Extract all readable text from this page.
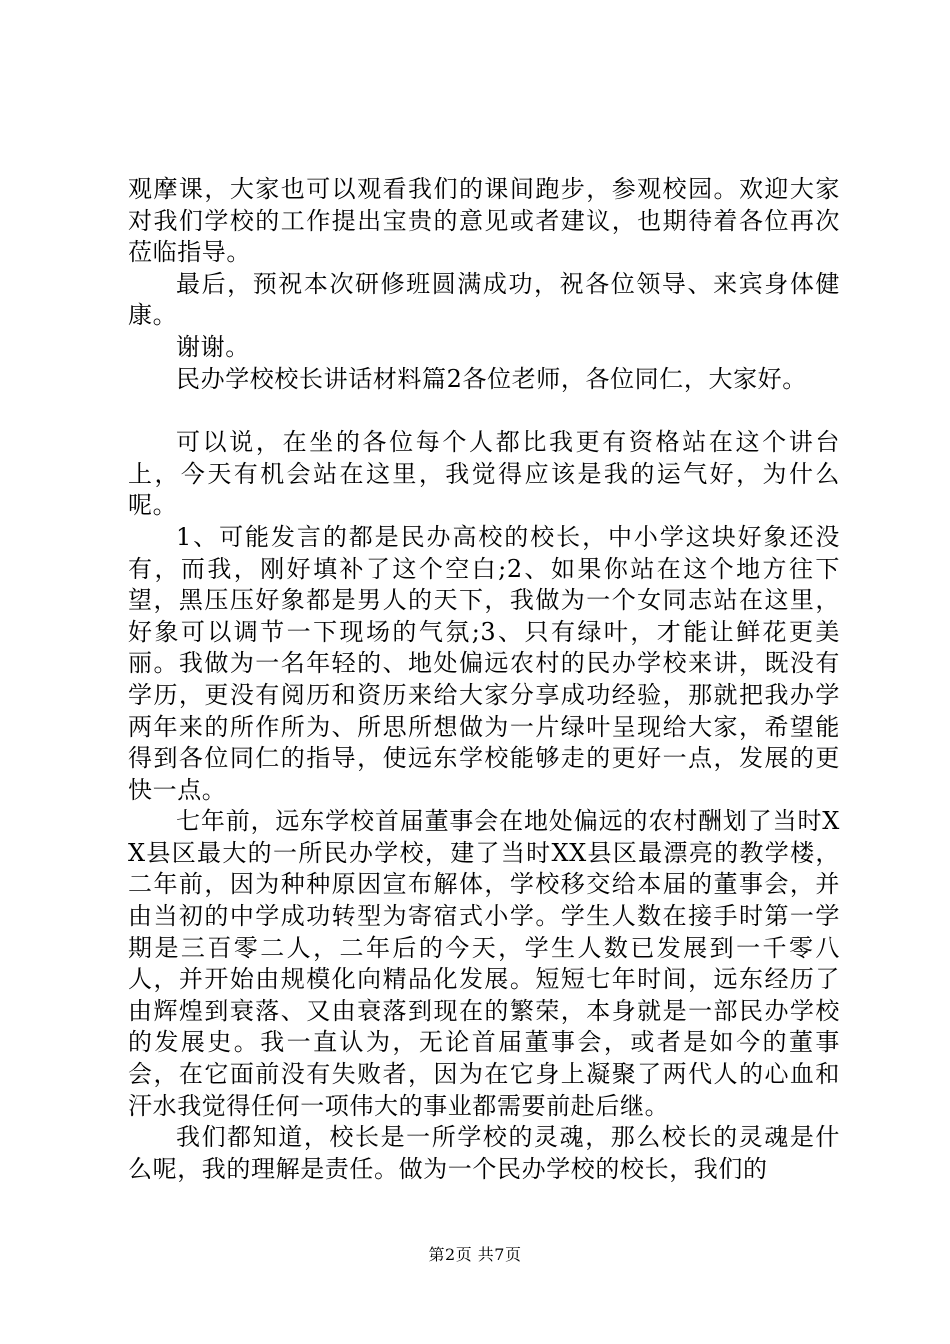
观摩课，大家也可以观看我们的课间跑步，参观校园。欢迎大家对我们学校的工作提出宝贵的意见或者建议，也期待着各位再次莅临指导。

最后，预祝本次研修班圆满成功，祝各位领导、来宾身体健康。

谢谢。

民办学校校长讲话材料篇2各位老师，各位同仁，大家好。

可以说，在坐的各位每个人都比我更有资格站在这个讲台上，今天有机会站在这里，我觉得应该是我的运气好，为什么呢。

1、可能发言的都是民办高校的校长，中小学这块好象还没有，而我，刚好填补了这个空白;2、如果你站在这个地方往下望，黑压压好象都是男人的天下，我做为一个女同志站在这里，好象可以调节一下现场的气氛;3、只有绿叶，才能让鲜花更美丽。我做为一名年轻的、地处偏远农村的民办学校来讲，既没有学历，更没有阅历和资历来给大家分享成功经验，那就把我办学两年来的所作所为、所思所想做为一片绿叶呈现给大家，希望能得到各位同仁的指导，使远东学校能够走的更好一点，发展的更快一点。

七年前，远东学校首届董事会在地处偏远的农村酬划了当时XX县区最大的一所民办学校，建了当时XX县区最漂亮的教学楼，二年前，因为种种原因宣布解体，学校移交给本届的董事会，并由当初的中学成功转型为寄宿式小学。学生人数在接手时第一学期是三百零二人，二年后的今天，学生人数已发展到一千零八人，并开始由规模化向精品化发展。短短七年时间，远东经历了由辉煌到衰落、又由衰落到现在的繁荣，本身就是一部民办学校的发展史。我一直认为，无论首届董事会，或者是如今的董事会，在它面前没有失败者，因为在它身上凝聚了两代人的心血和汗水我觉得任何一项伟大的事业都需要前赴后继。

我们都知道，校长是一所学校的灵魂，那么校长的灵魂是什么呢，我的理解是责任。做为一个民办学校的校长，我们的

第2页 共7页
